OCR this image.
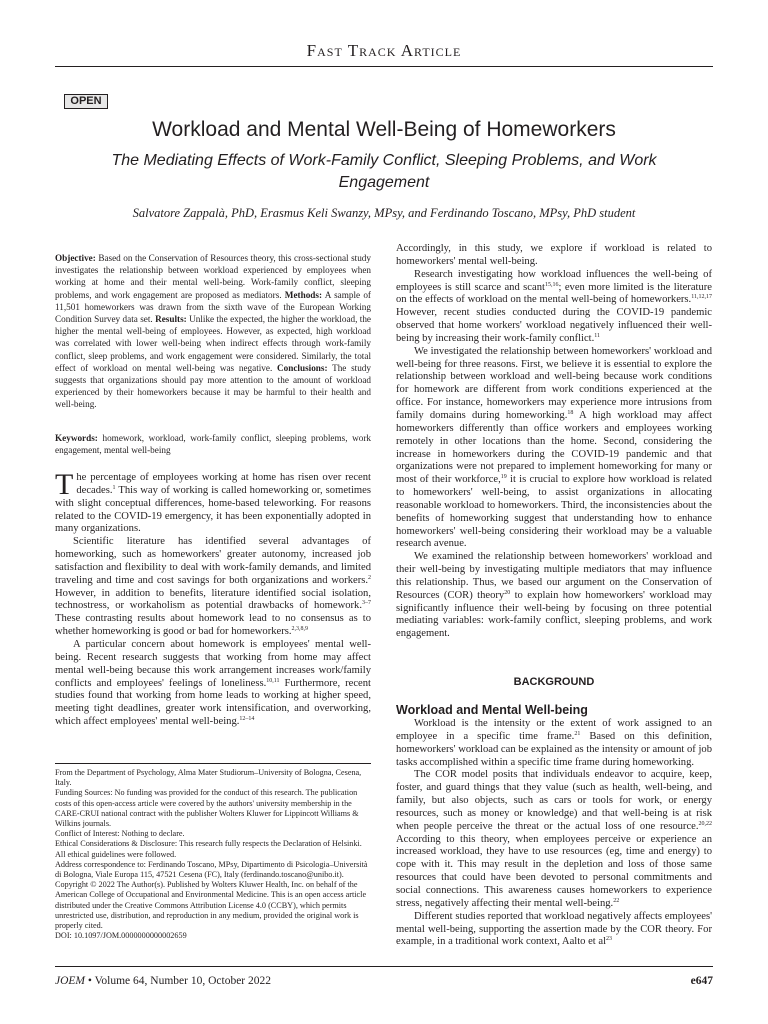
Fast Track Article
OPEN
Workload and Mental Well-Being of Homeworkers
The Mediating Effects of Work-Family Conflict, Sleeping Problems, and Work Engagement
Salvatore Zappalà, PhD, Erasmus Keli Swanzy, MPsy, and Ferdinando Toscano, MPsy, PhD student

Objective: Based on the Conservation of Resources theory, this cross-sectional study investigates the relationship between workload experienced by employees when working at home and their mental well-being. Work-family conflict, sleeping problems, and work engagement are proposed as mediators. Methods: A sample of 11,501 homeworkers was drawn from the sixth wave of the European Working Condition Survey data set. Results: Unlike the expected, the higher the workload, the higher the mental well-being of employees. However, as expected, high workload was correlated with lower well-being when indirect effects through work-family conflict, sleep problems, and work engagement were considered. Similarly, the total effect of workload on mental well-being was negative. Conclusions: The study suggests that organizations should pay more attention to the amount of workload experienced by their homeworkers because it may be harmful to their health and well-being.

Keywords: homework, workload, work-family conflict, sleeping problems, work engagement, mental well-being

The percentage of employees working at home has risen over recent decades.$^1$ This way of working is called homeworking or, sometimes with slight conceptual differences, home-based teleworking. For reasons related to the COVID-19 emergency, it has been exponentially adopted in many organizations.

Scientific literature has identified several advantages of homeworking, such as homeworkers' greater autonomy, increased job satisfaction and flexibility to deal with work-family demands, and limited traveling and time and cost savings for both organizations and workers.$^2$ However, in addition to benefits, literature identified social isolation, technostress, or workaholism as potential drawbacks of homework.$^{3-7}$ These contrasting results about homework lead to no consensus as to whether homeworking is good or bad for homeworkers.$^{2,3,8,9}$

A particular concern about homework is employees' mental well-being. Recent research suggests that working from home may affect mental well-being because this work arrangement increases work/family conflicts and employees' feelings of loneliness.$^{10,11}$ Furthermore, recent studies found that working from home leads to working at higher speed, meeting tight deadlines, greater work intensification, and overworking, which affect employees' mental well-being.$^{12-14}$

From the Department of Psychology, Alma Mater Studiorum–University of Bologna, Cesena, Italy.

Funding Sources: No funding was provided for the conduct of this research. The publication costs of this open-access article were covered by the authors' university membership in the CARE-CRUI national contract with the publisher Wolters Kluwer for Lippincott Williams & Wilkins journals.

Conflict of Interest: Nothing to declare.

Ethical Considerations & Disclosure: This research fully respects the Declaration of Helsinki. All ethical guidelines were followed.

Address correspondence to: Ferdinando Toscano, MPsy, Dipartimento di Psicologia–Università di Bologna, Viale Europa 115, 47521 Cesena (FC), Italy (ferdinando.toscano@unibo.it).

Copyright © 2022 The Author(s). Published by Wolters Kluwer Health, Inc. on behalf of the American College of Occupational and Environmental Medicine. This is an open access article distributed under the Creative Commons Attribution License 4.0 (CCBY), which permits unrestricted use, distribution, and reproduction in any medium, provided the original work is properly cited.

DOI: 10.1097/JOM.0000000000002659

Accordingly, in this study, we explore if workload is related to homeworkers' mental well-being.

Research investigating how workload influences the well-being of employees is still scarce and scant$^{15,16}$; even more limited is the literature on the effects of workload on the mental well-being of homeworkers.$^{11,12,17}$ However, recent studies conducted during the COVID-19 pandemic observed that home workers' workload negatively influenced their well-being by increasing their work-family conflict.$^{11}$

We investigated the relationship between homeworkers' workload and well-being for three reasons. First, we believe it is essential to explore the relationship between workload and well-being because work conditions for homework are different from work conditions experienced at the office. For instance, homeworkers may experience more intrusions from family domains during homeworking.$^{18}$ A high workload may affect homeworkers differently than office workers and employees working remotely in other locations than the home. Second, considering the increase in homeworkers during the COVID-19 pandemic and that organizations were not prepared to implement homeworking for many or most of their workforce,$^{19}$ it is crucial to explore how workload is related to homeworkers' well-being, to assist organizations in allocating reasonable workload to homeworkers. Third, the inconsistencies about the benefits of homeworking suggest that understanding how to enhance homeworkers' well-being considering their workload may be a valuable research avenue.

We examined the relationship between homeworkers' workload and their well-being by investigating multiple mediators that may influence this relationship. Thus, we based our argument on the Conservation of Resources (COR) theory$^{20}$ to explain how homeworkers' workload may significantly influence their well-being by focusing on three potential mediating variables: work-family conflict, sleeping problems, and work engagement.

BACKGROUND
Workload and Mental Well-being

Workload is the intensity or the extent of work assigned to an employee in a specific time frame.$^{21}$ Based on this definition, homeworkers' workload can be explained as the intensity or amount of job tasks accomplished within a specific time frame during homeworking.

The COR model posits that individuals endeavor to acquire, keep, foster, and guard things that they value (such as health, well-being, and family, but also objects, such as cars or tools for work, or energy resources, such as money or knowledge) and that well-being is at risk when people perceive the threat or the actual loss of one resource.$^{20,22}$ According to this theory, when employees perceive or experience an increased workload, they have to use resources (eg, time and energy) to cope with it. This may result in the depletion and loss of those same resources that could have been devoted to personal commitments and social connections. This awareness causes homeworkers to experience stress, negatively affecting their mental well-being.$^{22}$

Different studies reported that workload negatively affects employees' mental well-being, supporting the assertion made by the COR theory. For example, in a traditional work context, Aalto et $al^{23}$

JOEM • Volume 64, Number 10, October 2022	e647
